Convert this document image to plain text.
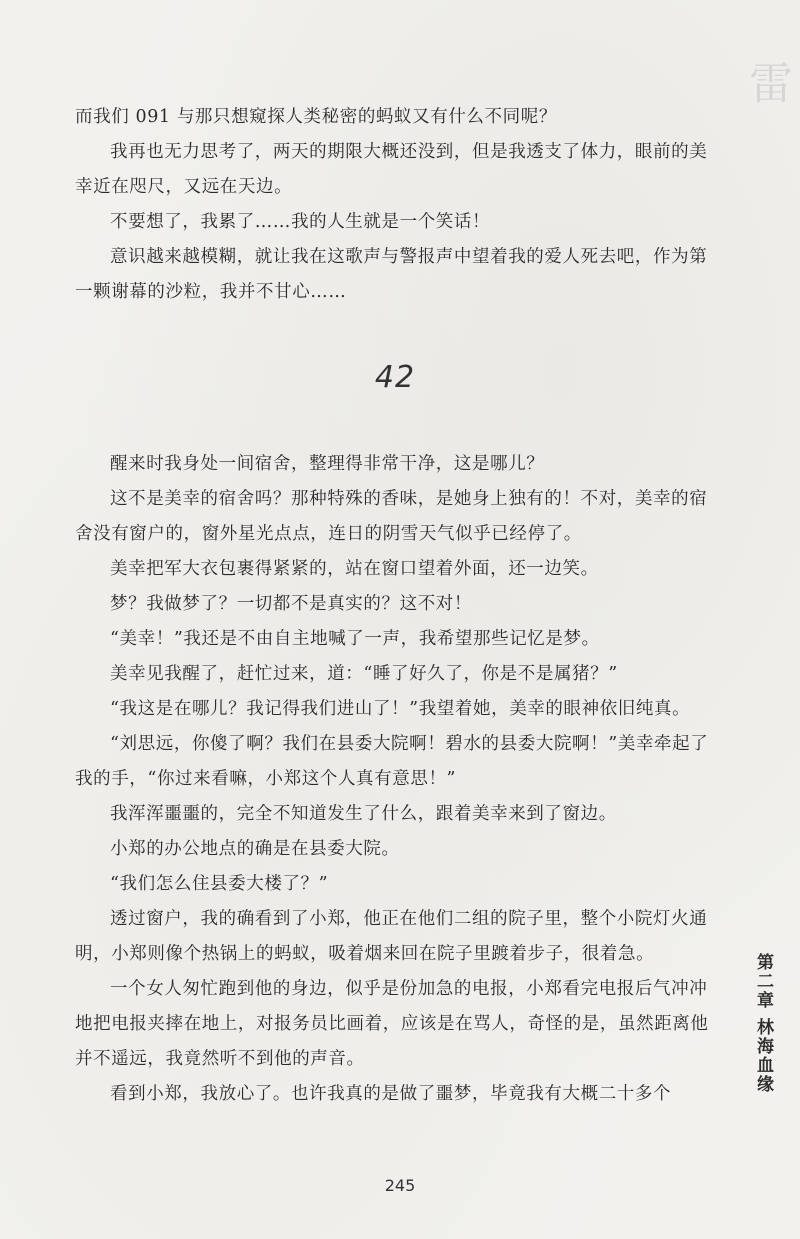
雷

而我们 091 与那只想窥探人类秘密的蚂蚁又有什么不同呢？

我再也无力思考了，两天的期限大概还没到，但是我透支了体力，眼前的美幸近在咫尺，又远在天边。

不要想了，我累了……我的人生就是一个笑话！

意识越来越模糊，就让我在这歌声与警报声中望着我的爱人死去吧，作为第一颗谢幕的沙粒，我并不甘心……

42

醒来时我身处一间宿舍，整理得非常干净，这是哪儿？

这不是美幸的宿舍吗？那种特殊的香味，是她身上独有的！不对，美幸的宿舍没有窗户的，窗外星光点点，连日的阴雪天气似乎已经停了。

美幸把军大衣包裹得紧紧的，站在窗口望着外面，还一边笑。

梦？我做梦了？一切都不是真实的？这不对！

“美幸！”我还是不由自主地喊了一声，我希望那些记忆是梦。

美幸见我醒了，赶忙过来，道：“睡了好久了，你是不是属猪？”

“我这是在哪儿？我记得我们进山了！”我望着她，美幸的眼神依旧纯真。

“刘思远，你傻了啊？我们在县委大院啊！碧水的县委大院啊！”美幸牵起了我的手，“你过来看嘛，小郑这个人真有意思！”

我浑浑噩噩的，完全不知道发生了什么，跟着美幸来到了窗边。

小郑的办公地点的确是在县委大院。

“我们怎么住县委大楼了？”

透过窗户，我的确看到了小郑，他正在他们二组的院子里，整个小院灯火通明，小郑则像个热锅上的蚂蚁，吸着烟来回在院子里踱着步子，很着急。

一个女人匆忙跑到他的身边，似乎是份加急的电报，小郑看完电报后气冲冲地把电报夹摔在地上，对报务员比画着，应该是在骂人，奇怪的是，虽然距离他并不遥远，我竟然听不到他的声音。

看到小郑，我放心了。也许我真的是做了噩梦，毕竟我有大概二十多个

第二章 林海血缘
245
